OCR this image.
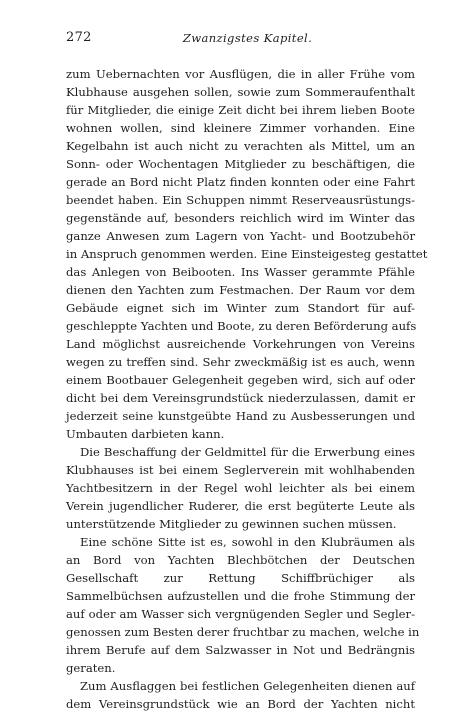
272	Zwanzigstes Kapitel.
zum Uebernachten vor Ausflügen, die in aller Frühe vom
Klubhause ausgehen sollen, sowie zum Sommeraufenthalt
für Mitglieder, die einige Zeit dicht bei ihrem lieben Boote
wohnen wollen, sind kleinere Zimmer vorhanden. Eine
Kegelbahn ist auch nicht zu verachten als Mittel, um an
Sonn- oder Wochentagen Mitglieder zu beschäftigen, die
gerade an Bord nicht Platz finden konnten oder eine Fahrt
beendet haben. Ein Schuppen nimmt Reserveausrüstungs-
gegenstände auf, besonders reichlich wird im Winter das
ganze Anwesen zum Lagern von Yacht- und Bootzubehör
in Anspruch genommen werden. Eine Einsteigesteg gestattet
das Anlegen von Beibooten. Ins Wasser gerammte Pfähle
dienen den Yachten zum Festmachen. Der Raum vor dem
Gebäude eignet sich im Winter zum Standort für auf-
geschleppte Yachten und Boote, zu deren Beförderung aufs
Land möglichst ausreichende Vorkehrungen von Vereins
wegen zu treffen sind. Sehr zweckmäßig ist es auch, wenn
einem Bootbauer Gelegenheit gegeben wird, sich auf oder
dicht bei dem Vereinsgrundstück niederzulassen, damit er
jederzeit seine kunstgeübte Hand zu Ausbesserungen und
Umbauten darbieten kann.
Die Beschaffung der Geldmittel für die Erwerbung eines
Klubhauses ist bei einem Seglerverein mit wohlhabenden
Yachtbesitzern in der Regel wohl leichter als bei einem
Verein jugendlicher Ruderer, die erst begüterte Leute als
unterstützende Mitglieder zu gewinnen suchen müssen.
Eine schöne Sitte ist es, sowohl in den Klubräumen als
an Bord von Yachten Blechbötchen der Deutschen
Gesellschaft zur Rettung Schiffbrüchiger als
Sammelbüchsen aufzustellen und die frohe Stimmung der
auf oder am Wasser sich vergnügenden Segler und Segler-
genossen zum Besten derer fruchtbar zu machen, welche in
ihrem Berufe auf dem Salzwasser in Not und Bedrängnis
geraten.
Zum Ausflaggen bei festlichen Gelegenheiten dienen auf
dem Vereinsgrundstück wie an Bord der Yachten nicht
